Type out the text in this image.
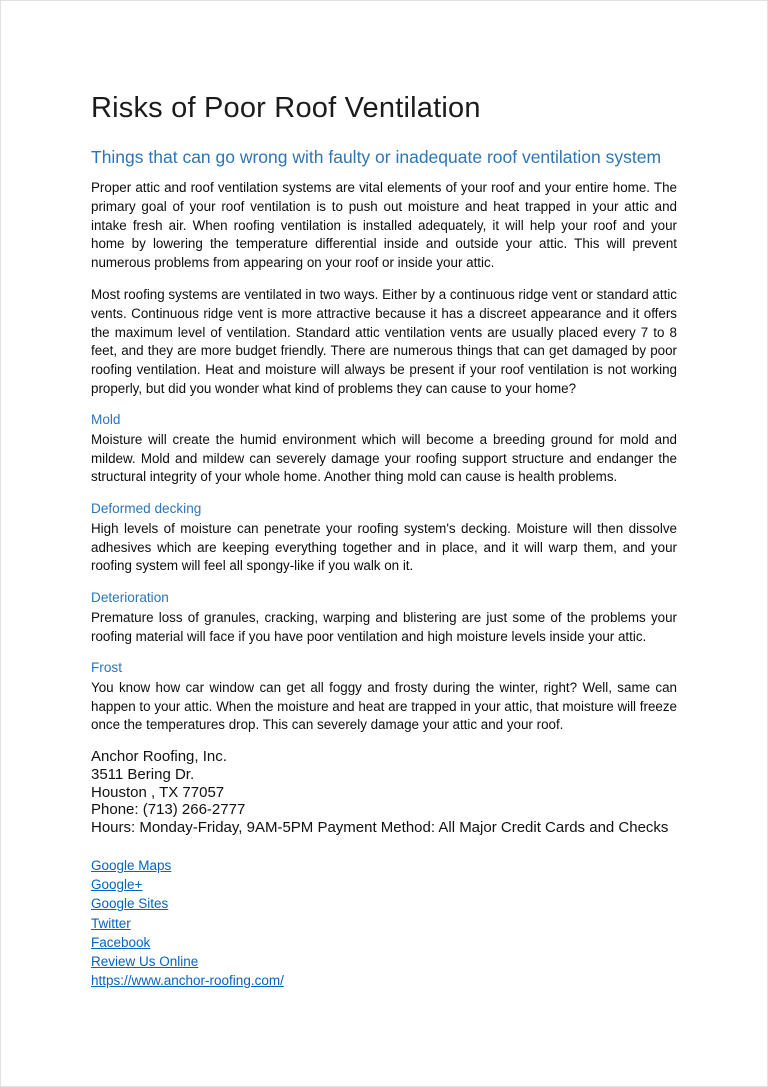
Risks of Poor Roof Ventilation
Things that can go wrong with faulty or inadequate roof ventilation system

Proper attic and roof ventilation systems are vital elements of your roof and your entire home. The primary goal of your roof ventilation is to push out moisture and heat trapped in your attic and intake fresh air. When roofing ventilation is installed adequately, it will help your roof and your home by lowering the temperature differential inside and outside your attic. This will prevent numerous problems from appearing on your roof or inside your attic.

Most roofing systems are ventilated in two ways. Either by a continuous ridge vent or standard attic vents. Continuous ridge vent is more attractive because it has a discreet appearance and it offers the maximum level of ventilation. Standard attic ventilation vents are usually placed every 7 to 8 feet, and they are more budget friendly. There are numerous things that can get damaged by poor roofing ventilation. Heat and moisture will always be present if your roof ventilation is not working properly, but did you wonder what kind of problems they can cause to your home?

Mold

Moisture will create the humid environment which will become a breeding ground for mold and mildew. Mold and mildew can severely damage your roofing support structure and endanger the structural integrity of your whole home. Another thing mold can cause is health problems.

Deformed decking

High levels of moisture can penetrate your roofing system's decking. Moisture will then dissolve adhesives which are keeping everything together and in place, and it will warp them, and your roofing system will feel all spongy-like if you walk on it.

Deterioration

Premature loss of granules, cracking, warping and blistering are just some of the problems your roofing material will face if you have poor ventilation and high moisture levels inside your attic.

Frost

You know how car window can get all foggy and frosty during the winter, right? Well, same can happen to your attic. When the moisture and heat are trapped in your attic, that moisture will freeze once the temperatures drop. This can severely damage your attic and your roof.

Anchor Roofing, Inc.
3511 Bering Dr.
Houston , TX 77057
Phone: (713) 266-2777
Hours: Monday-Friday, 9AM-5PM Payment Method: All Major Credit Cards and Checks
Google Maps
Google+
Google Sites
Twitter
Facebook
Review Us Online
https://www.anchor-roofing.com/
